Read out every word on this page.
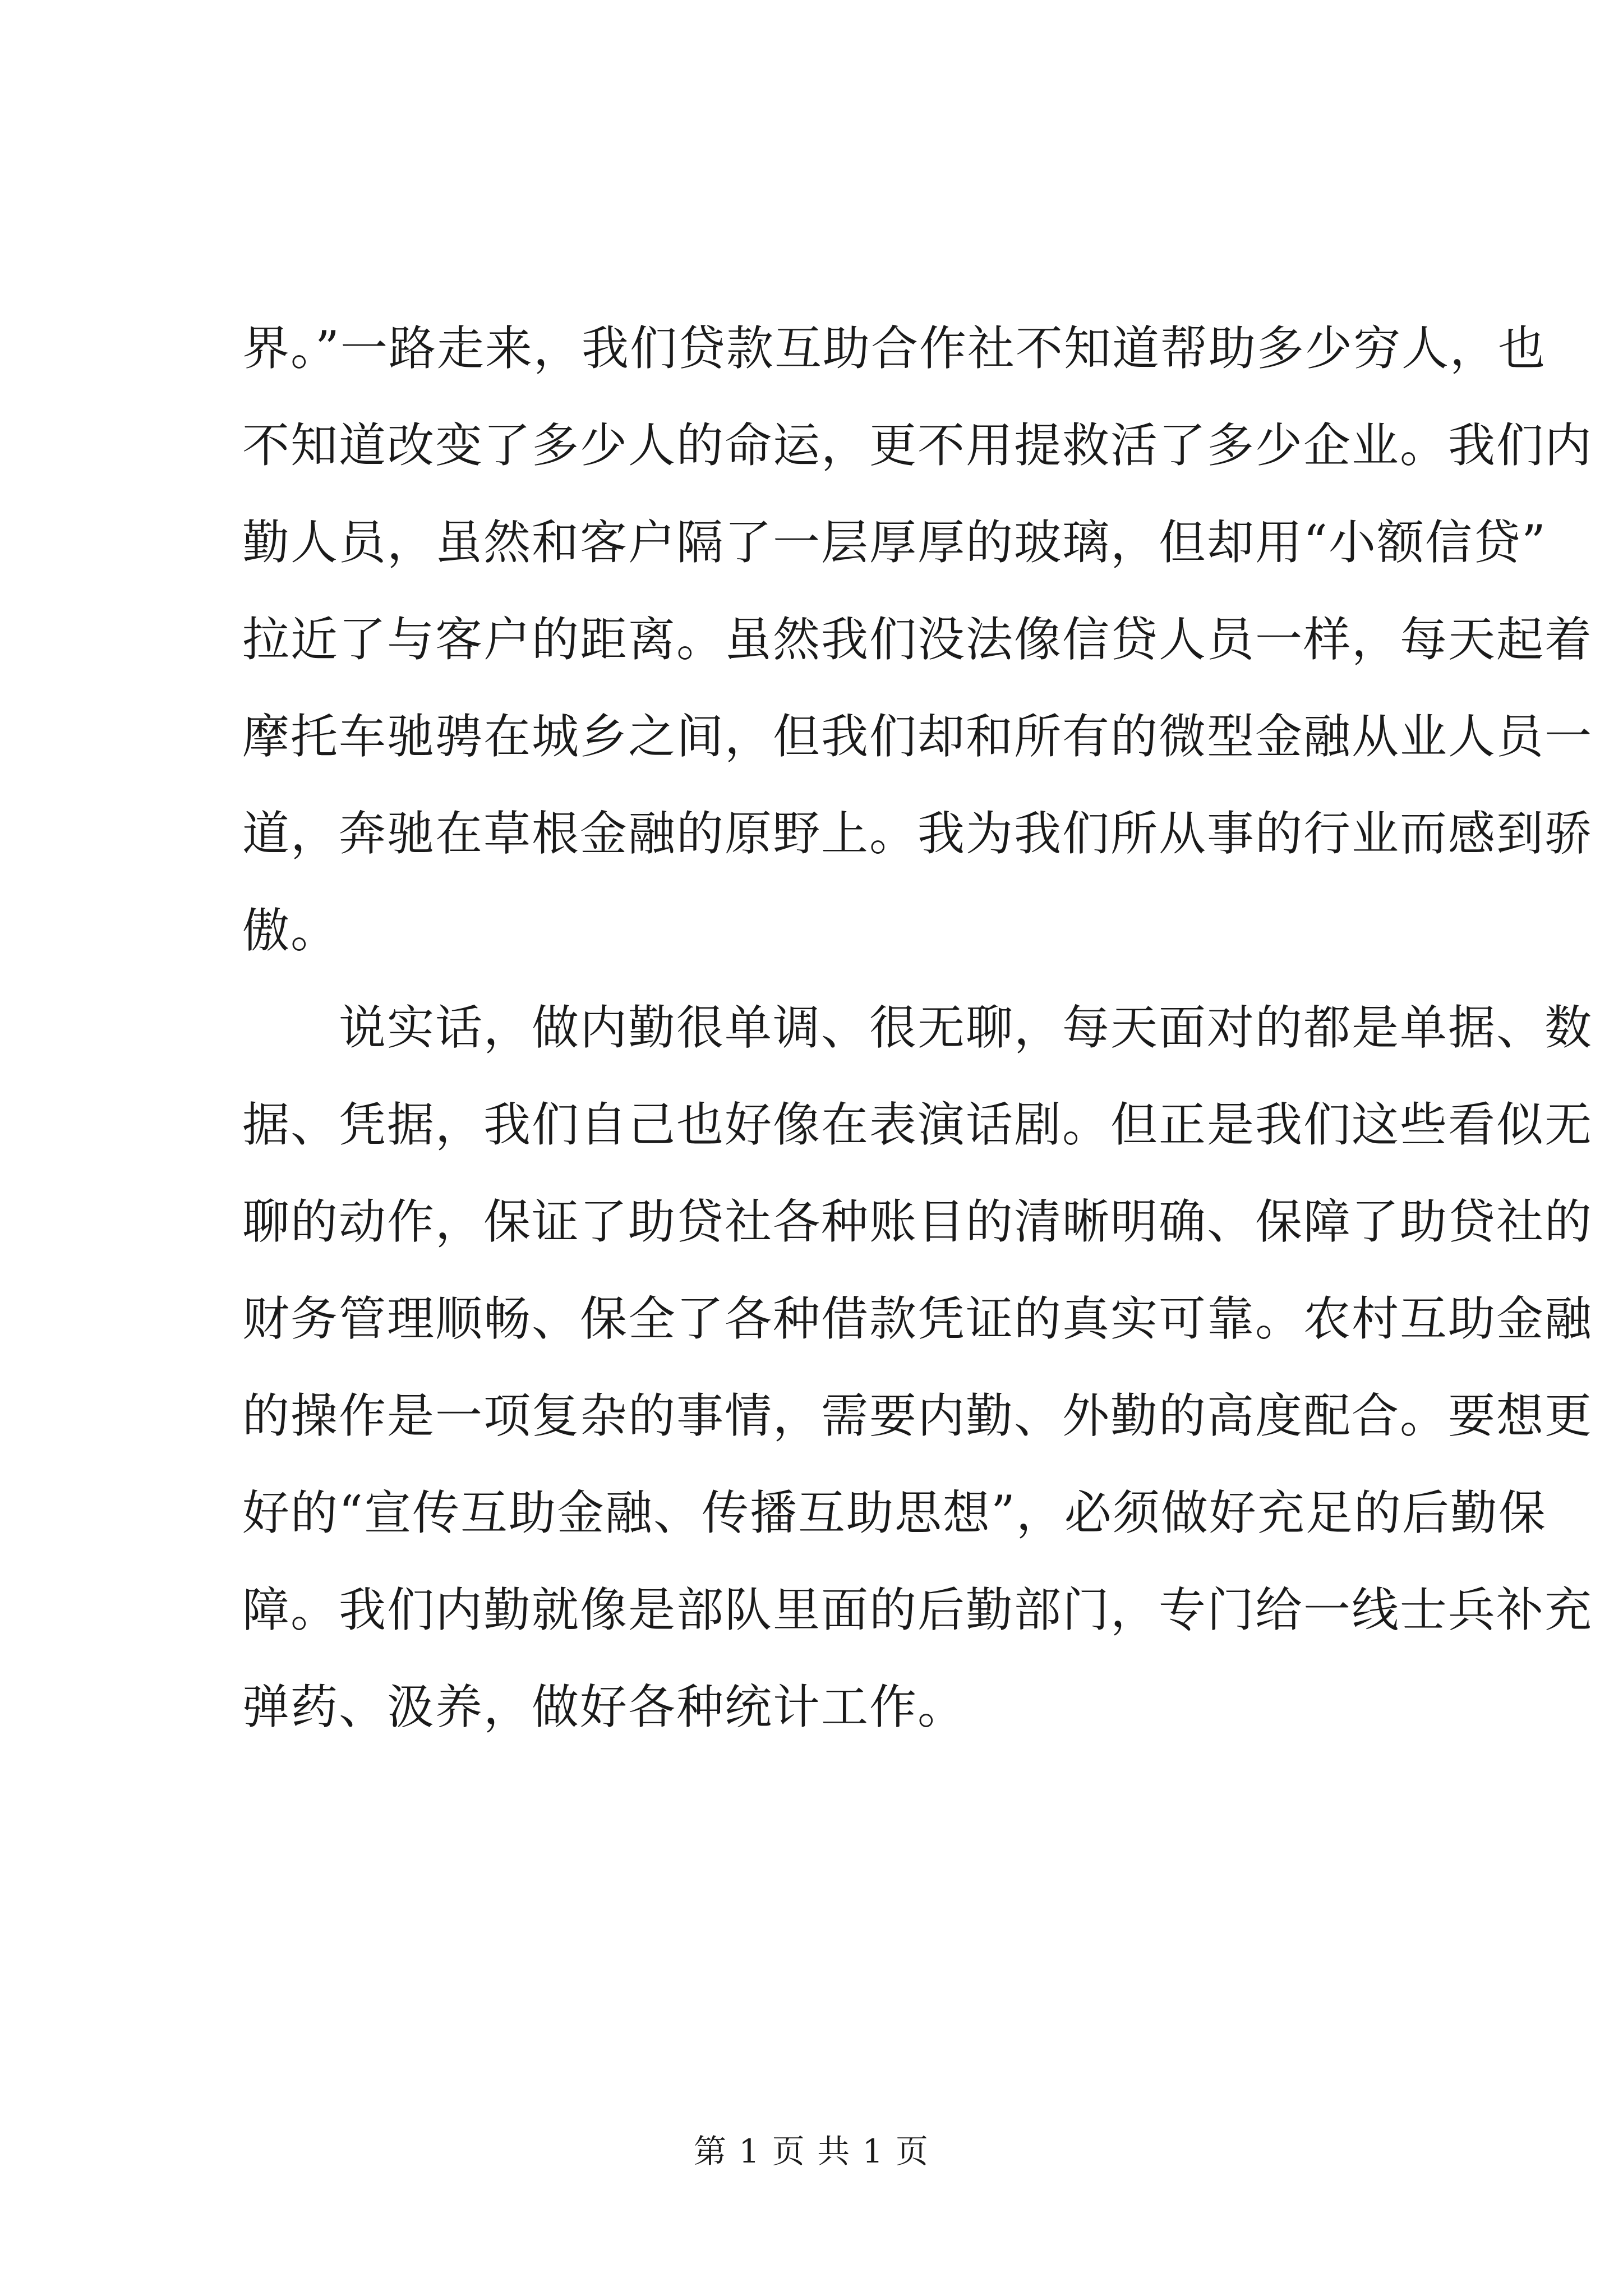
界。”一路走来，我们贷款互助合作社不知道帮助多少穷人，也
不知道改变了多少人的命运，更不用提救活了多少企业。我们内
勤人员，虽然和客户隔了一层厚厚的玻璃，但却用“小额信贷”
拉近了与客户的距离。虽然我们没法像信贷人员一样，每天起着
摩托车驰骋在城乡之间，但我们却和所有的微型金融从业人员一
道，奔驰在草根金融的原野上。我为我们所从事的行业而感到骄
傲。
　　说实话，做内勤很单调、很无聊，每天面对的都是单据、数
据、凭据，我们自己也好像在表演话剧。但正是我们这些看似无
聊的动作，保证了助贷社各种账目的清晰明确、保障了助贷社的
财务管理顺畅、保全了各种借款凭证的真实可靠。农村互助金融
的操作是一项复杂的事情，需要内勤、外勤的高度配合。要想更
好的“宣传互助金融、传播互助思想”，必须做好充足的后勤保
障。我们内勤就像是部队里面的后勤部门，专门给一线士兵补充
弹药、汲养，做好各种统计工作。
第 1 页 共 1 页
